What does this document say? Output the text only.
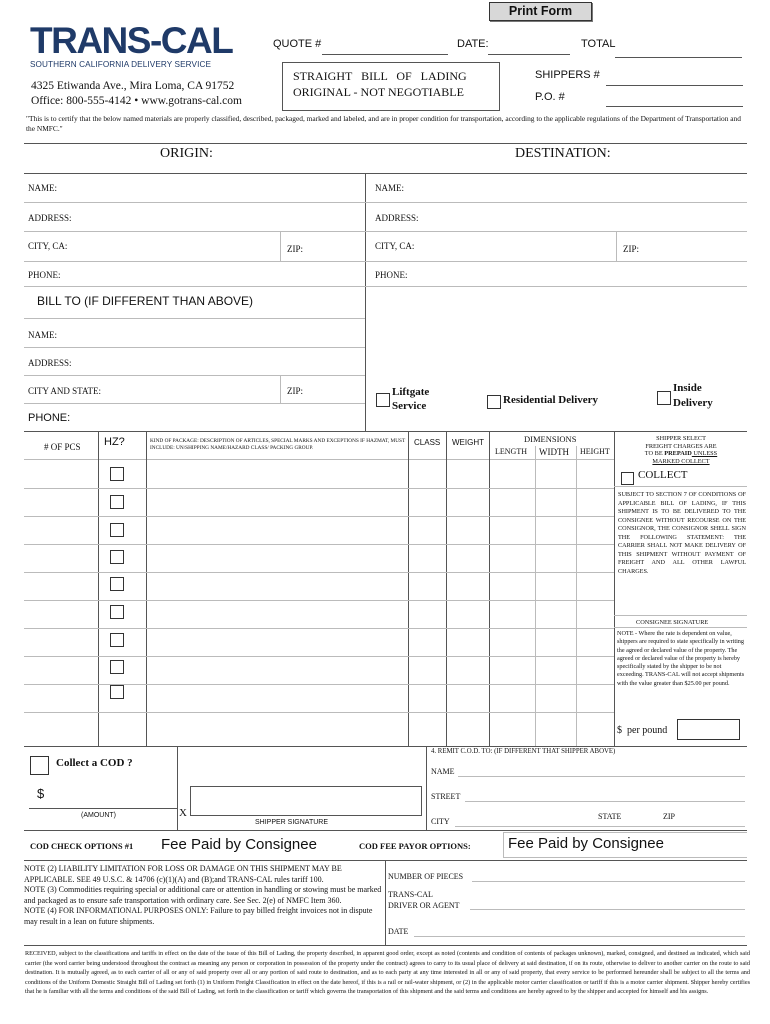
Print Form
TRANS-CAL
SOUTHERN CALIFORNIA DELIVERY SERVICE
4325 Etiwanda Ave., Mira Loma, CA 91752
Office: 800-555-4142 • www.gotrans-cal.com
QUOTE #	DATE:	TOTAL
STRAIGHT   BILL   OF   LADING
ORIGINAL - NOT NEGOTIABLE
SHIPPERS #
P.O. #
"This is to certify that the below named materials are properly classified, described, packaged, marked and labeled, and are in proper condition for transportation, according to the applicable regulations of the Department of Transportation and the NMFC."
ORIGIN:	DESTINATION:
NAME:	NAME:
ADDRESS:	ADDRESS:
CITY, CA:	ZIP:	CITY, CA:	ZIP:
PHONE:	PHONE:
BILL TO (IF DIFFERENT THAN ABOVE)
NAME:
ADDRESS:
CITY AND STATE:	ZIP:
PHONE:
Liftgate
Service	Residential Delivery
Inside
Delivery
# OF PCS HZ?	KIND OF PACKAGE: DESCRIPTION OF ARTICLES, SPECIAL MARKS AND EXCEPTIONS IF HAZMAT, MUST INCLUDE: UN/SHIPPING NAME/HAZARD CLASS/ PACKING GROUP.
CLASS WEIGHT	DIMENSIONS
LENGTH WIDTH HEIGHT
SHIPPER SELECT
FREIGHT CHARGES ARE
TO BE PREPAID UNLESS
MARKED COLLECT
COLLECT
SUBJECT TO SECTION 7 OF CONDITIONS OF APPLICABLE BILL OF LADING, IF THIS SHIPMENT IS TO BE DELIVERED TO THE CONSIGNEE WITHOUT RECOURSE ON THE CONSIGNOR, THE CONSIGNOR SHELL SIGN THE FOLLOWING STATEMENT: THE CARRIER SHALL NOT MAKE DELIVERY OF THIS SHIPMENT WITHOUT PAYMENT OF FREIGHT AND ALL OTHER LAWFUL CHARGES.
CONSIGNEE SIGNATURE
NOTE - Where the rate is dependent on value, shippers are required to state specifically in writing the agreed or declared value of the property. The agreed or declared value of the property is hereby specifically stated by the shipper to be not exceeding. TRANS-CAL will not accept shipments with the value greater than $25.00 per pound.
$  per pound
Collect a COD ?
$
(AMOUNT)	X
SHIPPER SIGNATURE
4. REMIT C.O.D. TO: (IF DIFFERENT THAT SHIPPER ABOVE)
NAME
STREET
STATE	ZIP
CITY
COD CHECK OPTIONS #1 Fee Paid by Consignee	COD FEE PAYOR OPTIONS:	Fee Paid by Consignee
NOTE (2) LIABILITY LIMITATION FOR LOSS OR DAMAGE ON THIS SHIPMENT MAY BE APPLICABLE. SEE 49 U.S.C. & 14706 (c)(1)(A) and (B);and TRANS-CAL rules tariff 100.
NOTE (3) Commodities requiring special or additional care or attention in handling or stowing must be marked and packaged as to ensure safe transportation with ordinary care. See Sec. 2(e) of NMFC Item 360.
NOTE (4) FOR INFORMATIONAL PURPOSES ONLY: Failure to pay billed freight invoices not in dispute may result in a lean on future shipments.
NUMBER OF PIECES
TRANS-CAL
DRIVER OR AGENT
DATE
RECEIVED, subject to the classifications and tariffs in effect on the date of the issue of this Bill of Lading, the property described, in apparent good order, except as noted (contents and condition of contents of packages unknown), marked, consigned, and destined as indicated, which said carrier (the word carrier being understood throughout the contract as meaning any person or corporation in possession of the property under the contract) agrees to carry to its usual place of delivery at said destination, if on its route, otherwise to deliver to another carrier on the route to said destination. It is mutually agreed, as to each carrier of all or any of said property over all or any portion of said route to destination, and as to each party at any time interested in all or any of said property, that every service to be performed hereunder shall be subject to all the terms and conditions of the Uniform Domestic Straight Bill of Lading set forth (1) in Uniform Freight Classification in effect on the date hereof, if this is a rail or rail-water shipment, or (2) in the applicable motor carrier classification or tariff if this is a motor carrier shipment. Shipper hereby certifies that he is familiar with all the terms and conditions of the said Bill of Lading, set forth in the classification or tariff which governs the transportation of this shipment and the said terms and conditions are hereby agreed to by the shipper and accepted for himself and his assigns.
